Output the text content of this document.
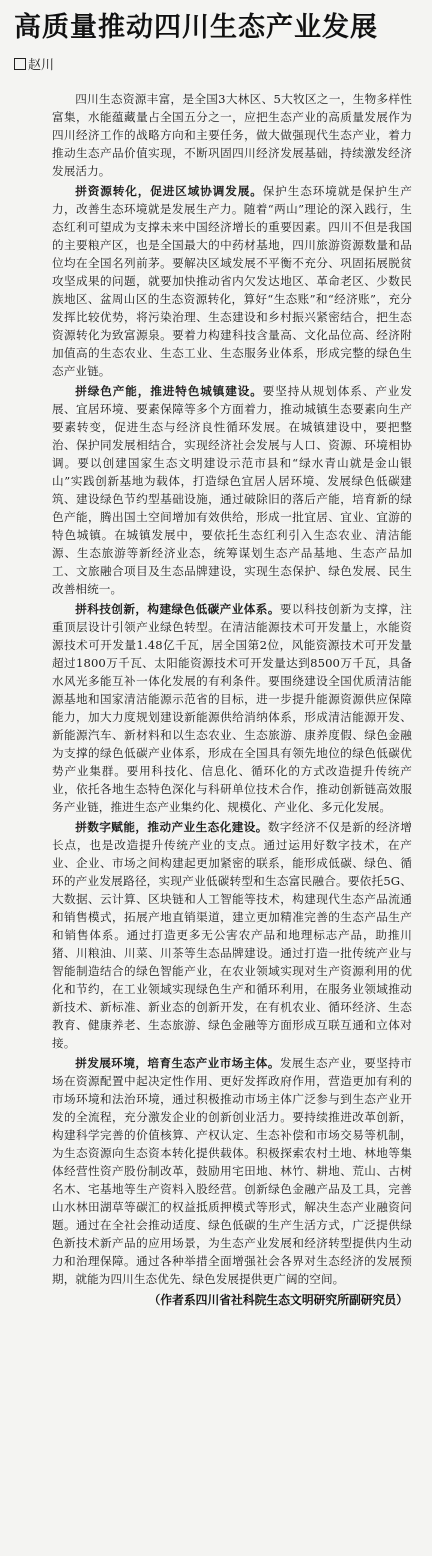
高质量推动四川生态产业发展
赵川

四川生态资源丰富，是全国3大林区、5大牧区之一，生物多样性富集，水能蕴藏量占全国五分之一，应把生态产业的高质量发展作为四川经济工作的战略方向和主要任务，做大做强现代生态产业，着力推动生态产品价值实现，不断巩固四川经济发展基础，持续激发经济发展活力。

拼资源转化，促进区域协调发展。保护生态环境就是保护生产力，改善生态环境就是发展生产力。随着“两山”理论的深入践行，生态红利可望成为支撑未来中国经济增长的重要因素。四川不但是我国的主要粮产区，也是全国最大的中药材基地，四川旅游资源数量和品位均在全国名列前茅。要解决区域发展不平衡不充分、巩固拓展脱贫攻坚成果的问题，就要加快推动省内欠发达地区、革命老区、少数民族地区、盆周山区的生态资源转化，算好“生态账”和“经济账”，充分发挥比较优势，将污染治理、生态建设和乡村振兴紧密结合，把生态资源转化为致富源泉。要着力构建科技含量高、文化品位高、经济附加值高的生态农业、生态工业、生态服务业体系，形成完整的绿色生态产业链。

拼绿色产能，推进特色城镇建设。要坚持从规划体系、产业发展、宜居环境、要素保障等多个方面着力，推动城镇生态要素向生产要素转变，促进生态与经济良性循环发展。在城镇建设中，要把整治、保护同发展相结合，实现经济社会发展与人口、资源、环境相协调。要以创建国家生态文明建设示范市县和“绿水青山就是金山银山”实践创新基地为载体，打造绿色宜居人居环境、发展绿色低碳建筑、建设绿色节约型基础设施，通过破除旧的落后产能，培育新的绿色产能，腾出国土空间增加有效供给，形成一批宜居、宜业、宜游的特色城镇。在城镇发展中，要依托生态红利引入生态农业、清洁能源、生态旅游等新经济业态，统筹谋划生态产品基地、生态产品加工、文旅融合项目及生态品牌建设，实现生态保护、绿色发展、民生改善相统一。

拼科技创新，构建绿色低碳产业体系。要以科技创新为支撑，注重顶层设计引领产业绿色转型。在清洁能源技术可开发量上，水能资源技术可开发量1.48亿千瓦，居全国第2位，风能资源技术可开发量超过1800万千瓦、太阳能资源技术可开发量达到8500万千瓦，具备水风光多能互补一体化发展的有利条件。要围绕建设全国优质清洁能源基地和国家清洁能源示范省的目标，进一步提升能源资源供应保障能力，加大力度规划建设新能源供给消纳体系，形成清洁能源开发、新能源汽车、新材料和以生态农业、生态旅游、康养度假、绿色金融为支撑的绿色低碳产业体系，形成在全国具有领先地位的绿色低碳优势产业集群。要用科技化、信息化、循环化的方式改造提升传统产业，依托各地生态特色深化与科研单位技术合作，推动创新链高效服务产业链，推进生态产业集约化、规模化、产业化、多元化发展。

拼数字赋能，推动产业生态化建设。数字经济不仅是新的经济增长点，也是改造提升传统产业的支点。通过运用好数字技术，在产业、企业、市场之间构建起更加紧密的联系，能形成低碳、绿色、循环的产业发展路径，实现产业低碳转型和生态富民融合。要依托5G、大数据、云计算、区块链和人工智能等技术，构建现代生态产品流通和销售模式，拓展产地直销渠道，建立更加精准完善的生态产品生产和销售体系。通过打造更多无公害农产品和地理标志产品，助推川猪、川粮油、川菜、川茶等生态品牌建设。通过打造一批传统产业与智能制造结合的绿色智能产业，在农业领域实现对生产资源利用的优化和节约，在工业领域实现绿色生产和循环利用，在服务业领域推动新技术、新标准、新业态的创新开发，在有机农业、循环经济、生态教育、健康养老、生态旅游、绿色金融等方面形成互联互通和立体对接。

拼发展环境，培育生态产业市场主体。发展生态产业，要坚持市场在资源配置中起决定性作用、更好发挥政府作用，营造更加有利的市场环境和法治环境，通过积极推动市场主体广泛参与到生态产业开发的全流程，充分激发企业的创新创业活力。要持续推进改革创新，构建科学完善的价值核算、产权认定、生态补偿和市场交易等机制，为生态资源向生态资本转化提供载体。积极探索农村土地、林地等集体经营性资产股份制改革，鼓励用宅田地、林竹、耕地、荒山、古树名木、宅基地等生产资料入股经营。创新绿色金融产品及工具，完善山水林田湖草等碳汇的权益抵质押模式等形式，解决生态产业融资问题。通过在全社会推动适度、绿色低碳的生产生活方式，广泛提供绿色新技术新产品的应用场景，为生态产业发展和经济转型提供内生动力和治理保障。通过各种举措全面增强社会各界对生态经济的发展预期，就能为四川生态优先、绿色发展提供更广阔的空间。

（作者系四川省社科院生态文明研究所副研究员）
